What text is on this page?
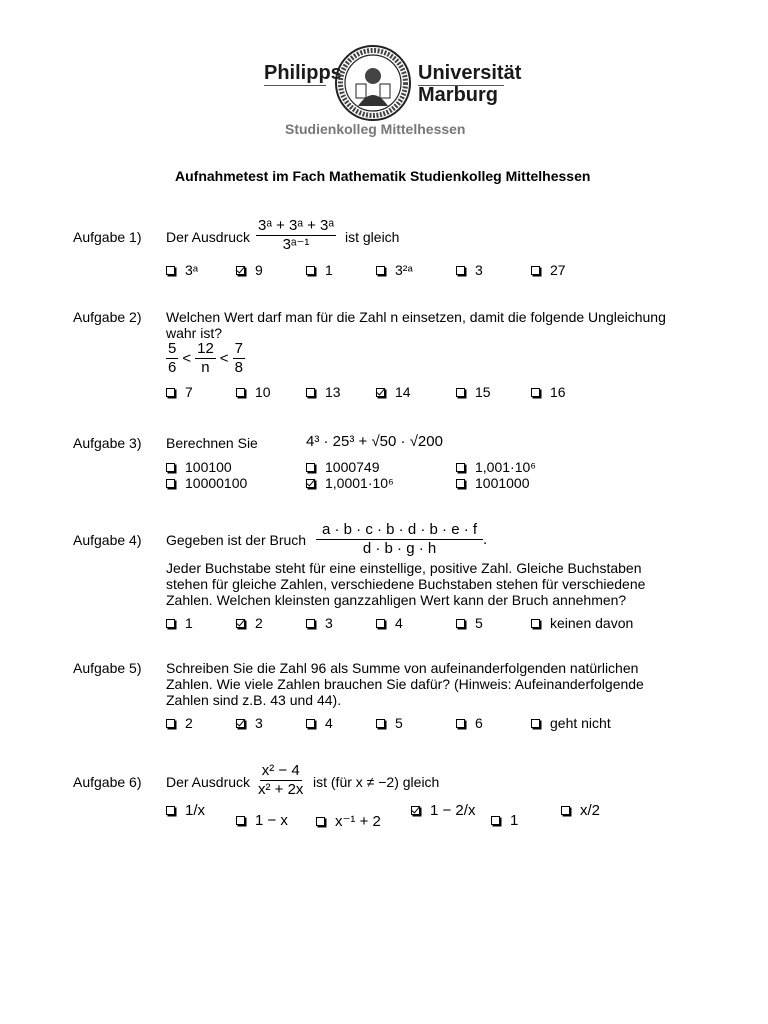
Philipps	Universität
Marburg
Studienkolleg Mittelhessen
Aufnahmetest im Fach Mathematik Studienkolleg Mittelhessen
Aufgabe 1) Der Ausdruck $\frac{\text{3ᵃ + 3ᵃ + 3ᵃ}}{\text{3ᵃ⁻¹}}$ ist gleich
3ᵃ	9	1	3²ᵃ	3	27
Aufgabe 2) Welchen Wert darf man für die Zahl n einsetzen, damit die folgende Ungleichung wahr ist?
$\frac{5}{6} < \frac{12}{n} < \frac{7}{8}$
7	10	13	14	15	16
Aufgabe 3) Berechnen Sie	4³ · 25³ + √50 · √200
100100	1000749	1,001·10⁶
10000100	1,0001·10⁶	1001000
Aufgabe 4) Gegeben ist der Bruch $\frac{a \cdot b \cdot c \cdot b \cdot d \cdot b \cdot e \cdot f}{d \cdot b \cdot g \cdot h}$ .
Jeder Buchstabe steht für eine einstellige, positive Zahl. Gleiche Buchstaben stehen für gleiche Zahlen, verschiedene Buchstaben stehen für verschiedene Zahlen. Welchen kleinsten ganzzahligen Wert kann der Bruch annehmen?
1	2	3	4	5	keinen davon
Aufgabe 5) Schreiben Sie die Zahl 96 als Summe von aufeinanderfolgenden natürlichen Zahlen. Wie viele Zahlen brauchen Sie dafür? (Hinweis: Aufeinanderfolgende Zahlen sind z.B. 43 und 44).
2	3	4	5	6	geht nicht
Aufgabe 6) Der Ausdruck $\frac{\text{x² − 4}}{\text{x² + 2x}}$ ist (für x ≠ −2) gleich
1/x
1 − x	x⁻¹ + 2
1 − 2/x
1
x/2
